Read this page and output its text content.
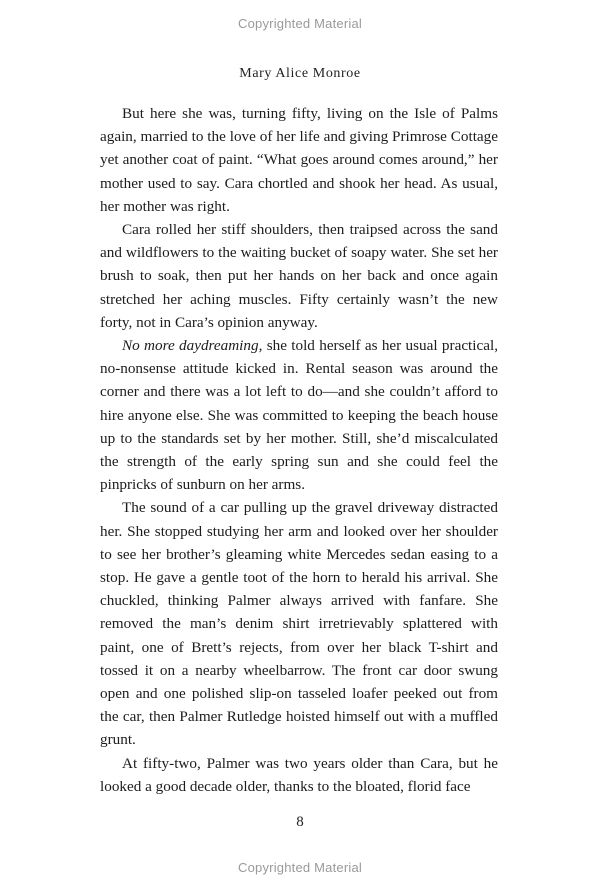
Copyrighted Material
Mary Alice Monroe

But here she was, turning fifty, living on the Isle of Palms again, married to the love of her life and giving Primrose Cottage yet another coat of paint. “What goes around comes around,” her mother used to say. Cara chortled and shook her head. As usual, her mother was right.

Cara rolled her stiff shoulders, then traipsed across the sand and wildflowers to the waiting bucket of soapy water. She set her brush to soak, then put her hands on her back and once again stretched her aching muscles. Fifty certainly wasn’t the new forty, not in Cara’s opinion anyway.

No more daydreaming, she told herself as her usual practical, no-nonsense attitude kicked in. Rental season was around the corner and there was a lot left to do—and she couldn’t afford to hire anyone else. She was committed to keeping the beach house up to the standards set by her mother. Still, she’d miscalculated the strength of the early spring sun and she could feel the pinpricks of sunburn on her arms.

The sound of a car pulling up the gravel driveway distracted her. She stopped studying her arm and looked over her shoulder to see her brother’s gleaming white Mercedes sedan easing to a stop. He gave a gentle toot of the horn to herald his arrival. She chuckled, thinking Palmer always arrived with fanfare. She removed the man’s denim shirt irretrievably splattered with paint, one of Brett’s rejects, from over her black T-shirt and tossed it on a nearby wheelbarrow. The front car door swung open and one polished slip-on tasseled loafer peeked out from the car, then Palmer Rutledge hoisted himself out with a muffled grunt.

At fifty-two, Palmer was two years older than Cara, but he looked a good decade older, thanks to the bloated, florid face

8
Copyrighted Material
